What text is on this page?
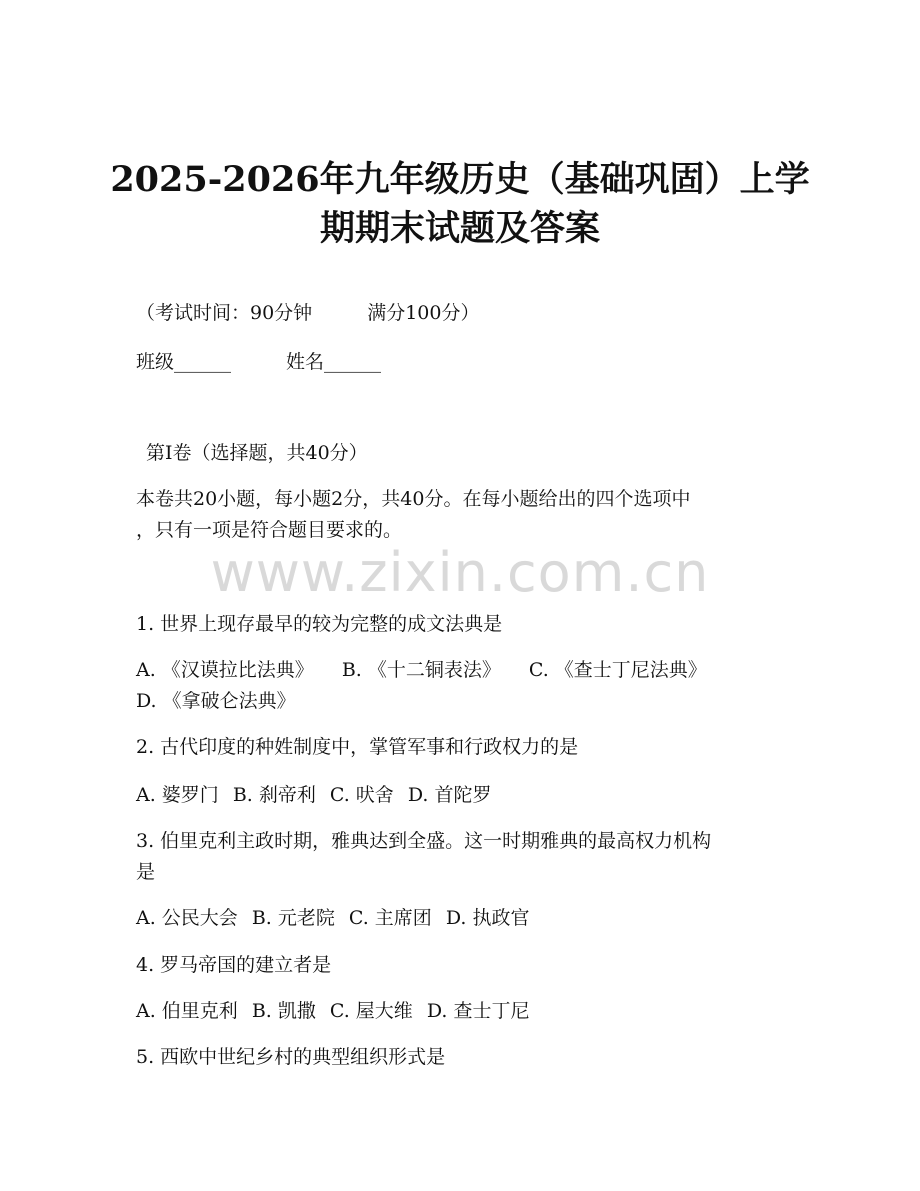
2025-2026年九年级历史（基础巩固）上学
期期末试题及答案
（考试时间：90分钟	满分100分）
班级______	姓名______
第Ⅰ卷（选择题，共40分）
本卷共20小题，每小题2分，共40分。在每小题给出的四个选项中
，只有一项是符合题目要求的。
www.zixin.com.cn
1. 世界上现存最早的较为完整的成文法典是
A. 《汉谟拉比法典》 B. 《十二铜表法》 C. 《查士丁尼法典》
D. 《拿破仑法典》
2. 古代印度的种姓制度中，掌管军事和行政权力的是
A. 婆罗门 B. 刹帝利 C. 吠舍 D. 首陀罗
3. 伯里克利主政时期，雅典达到全盛。这一时期雅典的最高权力机构
是
A. 公民大会 B. 元老院 C. 主席团 D. 执政官
4. 罗马帝国的建立者是
A. 伯里克利 B. 凯撒 C. 屋大维 D. 查士丁尼
5. 西欧中世纪乡村的典型组织形式是
